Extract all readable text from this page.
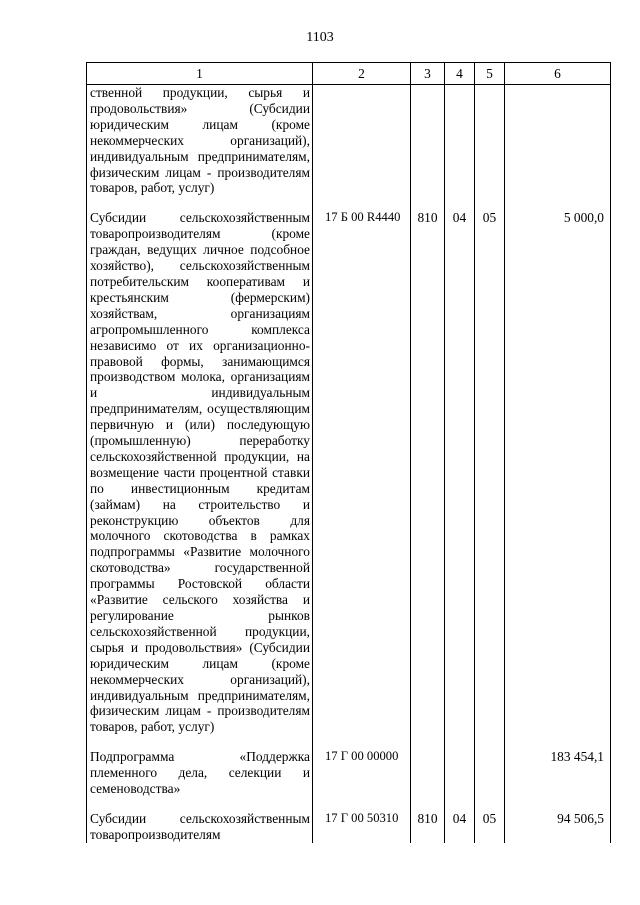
1103
1	2	3	4	5	6
ственной продукции, сырья и продовольствия» (Субсидии юридическим лицам (кроме некоммерческих организаций), индивидуальным предпринимателям, физическим лицам - производителям товаров, работ, услуг)					
Субсидии сельскохозяйственным товаропроизводителям (кроме граждан, ведущих личное подсобное хозяйство), сельскохозяйственным потребительским кооперативам и крестьянским (фермерским) хозяйствам, организациям агропромышленного комплекса независимо от их организационно-правовой формы, занимающимся производством молока, организациям и индивидуальным предпринимателям, осуществляющим первичную и (или) последующую (промышленную) переработку сельскохозяйственной продукции, на возмещение части процентной ставки по инвестиционным кредитам (займам) на строительство и реконструкцию объектов для молочного скотоводства в рамках подпрограммы «Развитие молочного скотоводства» государственной программы Ростовской области «Развитие сельского хозяйства и регулирование рынков сельскохозяйственной продукции, сырья и продовольствия» (Субсидии юридическим лицам (кроме некоммерческих организаций), индивидуальным предпринимателям, физическим лицам - производителям товаров, работ, услуг)	17 Б 00 R4440	810	04	05	5 000,0
Подпрограмма «Поддержка племенного дела, селекции и семеноводства»	17 Г 00 00000				183 454,1
Субсидии сельскохозяйственным товаропроизводителям	17 Г 00 50310	810	04	05	94 506,5
